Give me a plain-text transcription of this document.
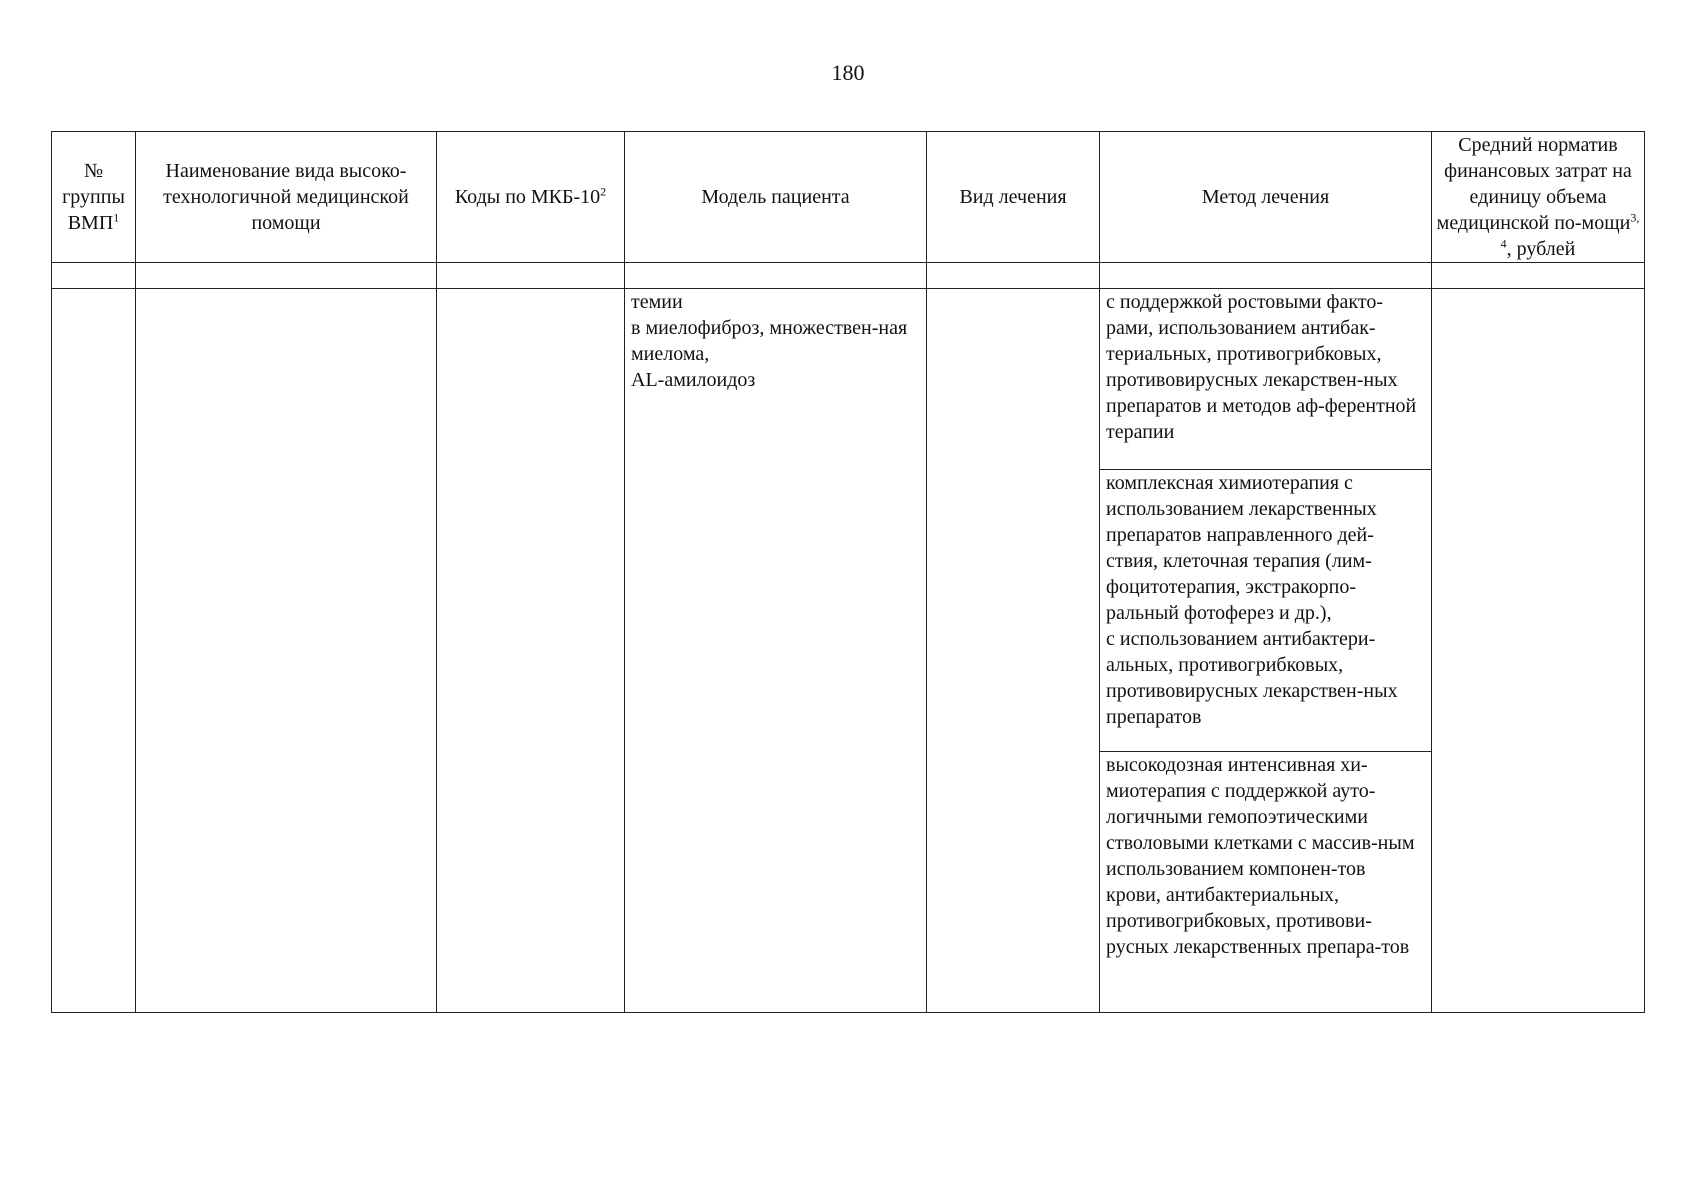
180
№ группы ВМП$^1$	Наименование вида высоко-технологичной медицинской помощи	Коды по МКБ-$10^2$	Модель пациента	Вид лечения	Метод лечения	Средний норматив финансовых затрат на единицу объема медицинской по-мощи$^{3, 4}$, рублей

			темии
в миелофиброз, множествен-ная миелома,
AL-амилоидоз		с поддержкой ростовыми факто-рами, использованием антибак-териальных, противогрибковых, противовирусных лекарствен-ных препаратов и методов аф-ферентной терапии	
					комплексная химиотерапия с использованием лекарственных препаратов направленного дей-ствия, клеточная терапия (лим-фоцитотерапия, экстракорпо-ральный фотоферез и др.),
с использованием антибактери-альных, противогрибковых, противовирусных лекарствен-ных препаратов	
					высокодозная интенсивная хи-миотерапия с поддержкой ауто-логичными гемопоэтическими стволовыми клетками с массив-ным использованием компонен-тов крови, антибактериальных, противогрибковых, противови-русных лекарственных препара-тов	
